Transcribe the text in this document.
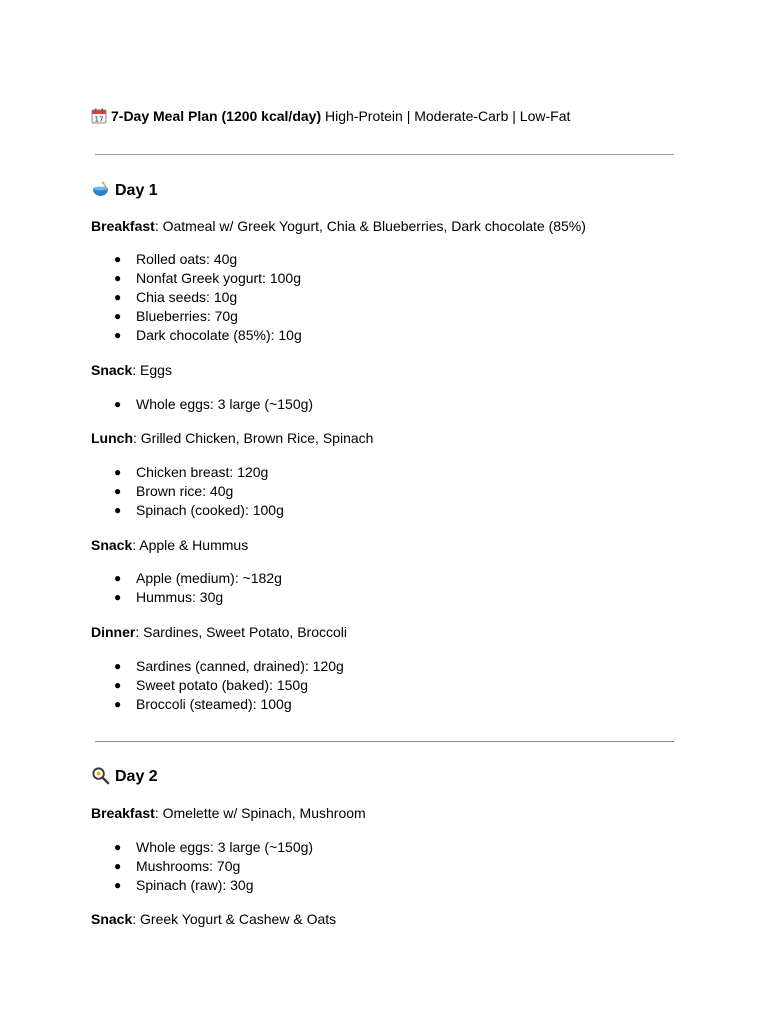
17 7-Day Meal Plan (1200 kcal/day) High-Protein | Moderate-Carb | Low-Fat
Day 1
Breakfast: Oatmeal w/ Greek Yogurt, Chia & Blueberries, Dark chocolate (85%)
● Rolled oats: 40g
● Nonfat Greek yogurt: 100g
● Chia seeds: 10g
● Blueberries: 70g
● Dark chocolate (85%): 10g
Snack: Eggs
● Whole eggs: 3 large (~150g)
Lunch: Grilled Chicken, Brown Rice, Spinach
● Chicken breast: 120g
● Brown rice: 40g
● Spinach (cooked): 100g
Snack: Apple & Hummus
● Apple (medium): ~182g
● Hummus: 30g
Dinner: Sardines, Sweet Potato, Broccoli
● Sardines (canned, drained): 120g
● Sweet potato (baked): 150g
● Broccoli (steamed): 100g
Day 2
Breakfast: Omelette w/ Spinach, Mushroom
● Whole eggs: 3 large (~150g)
● Mushrooms: 70g
● Spinach (raw): 30g
Snack: Greek Yogurt & Cashew & Oats
